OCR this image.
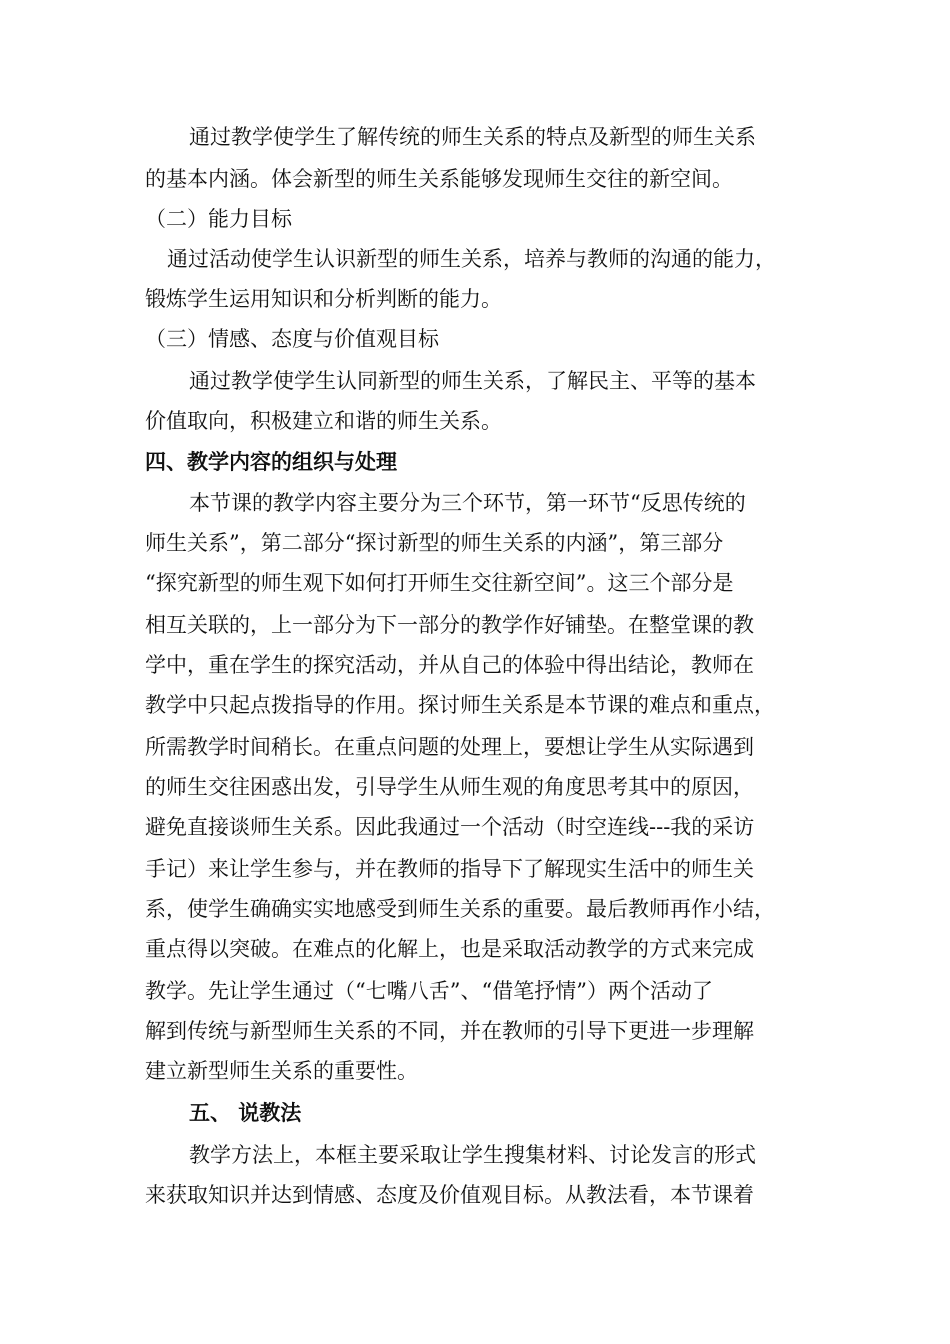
通过教学使学生了解传统的师生关系的特点及新型的师生关系
的基本内涵。体会新型的师生关系能够发现师生交往的新空间。
（二）能力目标
通过活动使学生认识新型的师生关系，培养与教师的沟通的能力，
锻炼学生运用知识和分析判断的能力。
（三）情感、态度与价值观目标
通过教学使学生认同新型的师生关系，了解民主、平等的基本
价值取向，积极建立和谐的师生关系。
四、教学内容的组织与处理
本节课的教学内容主要分为三个环节，第一环节“反思传统的
师生关系”，第二部分“探讨新型的师生关系的内涵”，第三部分
“探究新型的师生观下如何打开师生交往新空间”。这三个部分是
相互关联的，上一部分为下一部分的教学作好铺垫。在整堂课的教
学中，重在学生的探究活动，并从自己的体验中得出结论，教师在
教学中只起点拨指导的作用。探讨师生关系是本节课的难点和重点，
所需教学时间稍长。在重点问题的处理上，要想让学生从实际遇到
的师生交往困惑出发，引导学生从师生观的角度思考其中的原因，
避免直接谈师生关系。因此我通过一个活动（时空连线---我的采访
手记）来让学生参与，并在教师的指导下了解现实生活中的师生关
系，使学生确确实实地感受到师生关系的重要。最后教师再作小结，
重点得以突破。在难点的化解上，也是采取活动教学的方式来完成
教学。先让学生通过（“七嘴八舌”、“借笔抒情”）两个活动了
解到传统与新型师生关系的不同，并在教师的引导下更进一步理解
建立新型师生关系的重要性。
五、 说教法
教学方法上，本框主要采取让学生搜集材料、讨论发言的形式
来获取知识并达到情感、态度及价值观目标。从教法看，本节课着
